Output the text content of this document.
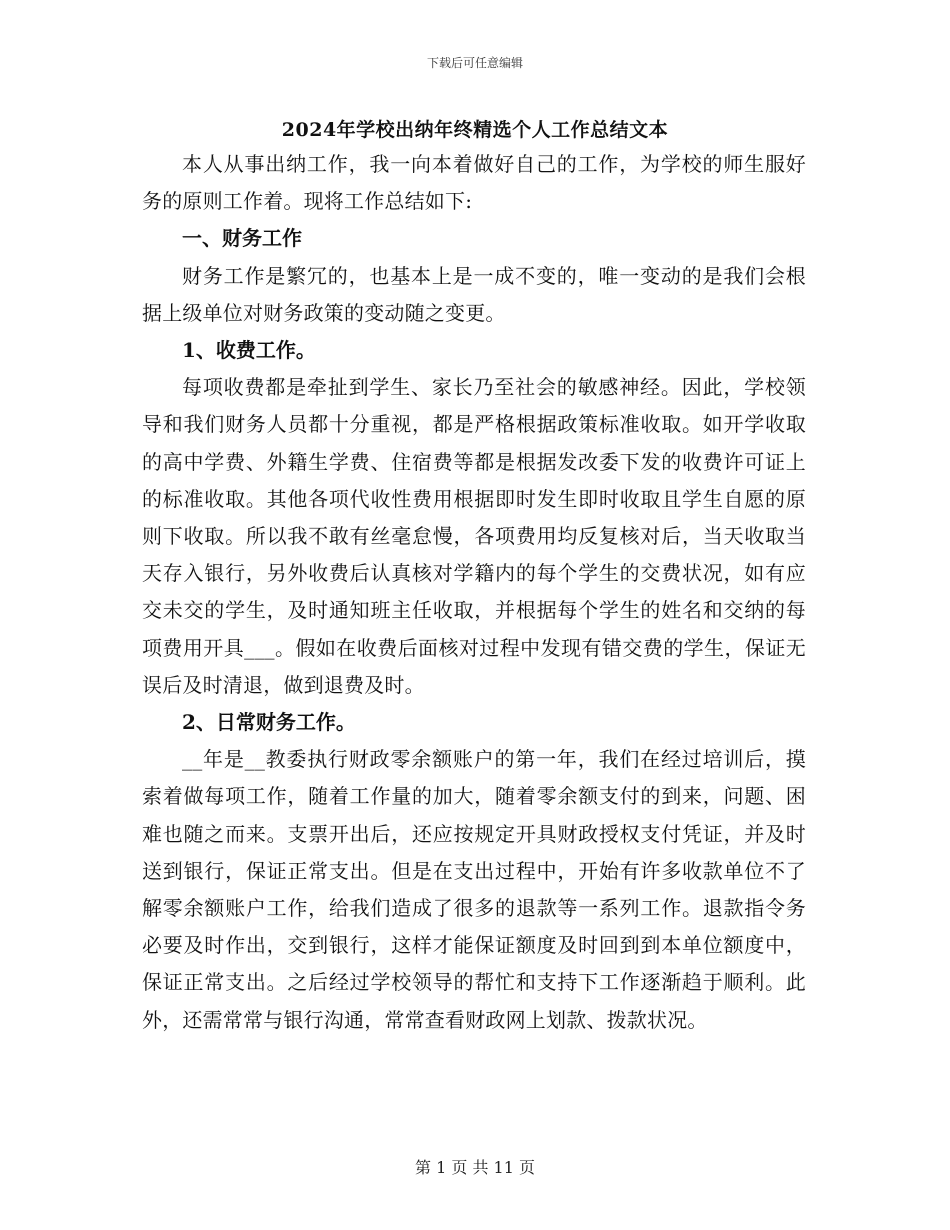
下载后可任意编辑
2024年学校出纳年终精选个人工作总结文本

本人从事出纳工作，我一向本着做好自己的工作，为学校的师生服好务的原则工作着。现将工作总结如下:

一、财务工作

财务工作是繁冗的，也基本上是一成不变的，唯一变动的是我们会根据上级单位对财务政策的变动随之变更。

1、收费工作。

每项收费都是牵扯到学生、家长乃至社会的敏感神经。因此，学校领导和我们财务人员都十分重视，都是严格根据政策标准收取。如开学收取的高中学费、外籍生学费、住宿费等都是根据发改委下发的收费许可证上的标准收取。其他各项代收性费用根据即时发生即时收取且学生自愿的原则下收取。所以我不敢有丝毫怠慢，各项费用均反复核对后，当天收取当天存入银行，另外收费后认真核对学籍内的每个学生的交费状况，如有应交未交的学生，及时通知班主任收取，并根据每个学生的姓名和交纳的每项费用开具___。假如在收费后面核对过程中发现有错交费的学生，保证无误后及时清退，做到退费及时。

2、日常财务工作。

__年是__教委执行财政零余额账户的第一年，我们在经过培训后，摸索着做每项工作，随着工作量的加大，随着零余额支付的到来，问题、困难也随之而来。支票开出后，还应按规定开具财政授权支付凭证，并及时送到银行，保证正常支出。但是在支出过程中，开始有许多收款单位不了解零余额账户工作，给我们造成了很多的退款等一系列工作。退款指令务必要及时作出，交到银行，这样才能保证额度及时回到到本单位额度中，保证正常支出。之后经过学校领导的帮忙和支持下工作逐渐趋于顺利。此外，还需常常与银行沟通，常常查看财政网上划款、拨款状况。

第 1 页 共 11 页
